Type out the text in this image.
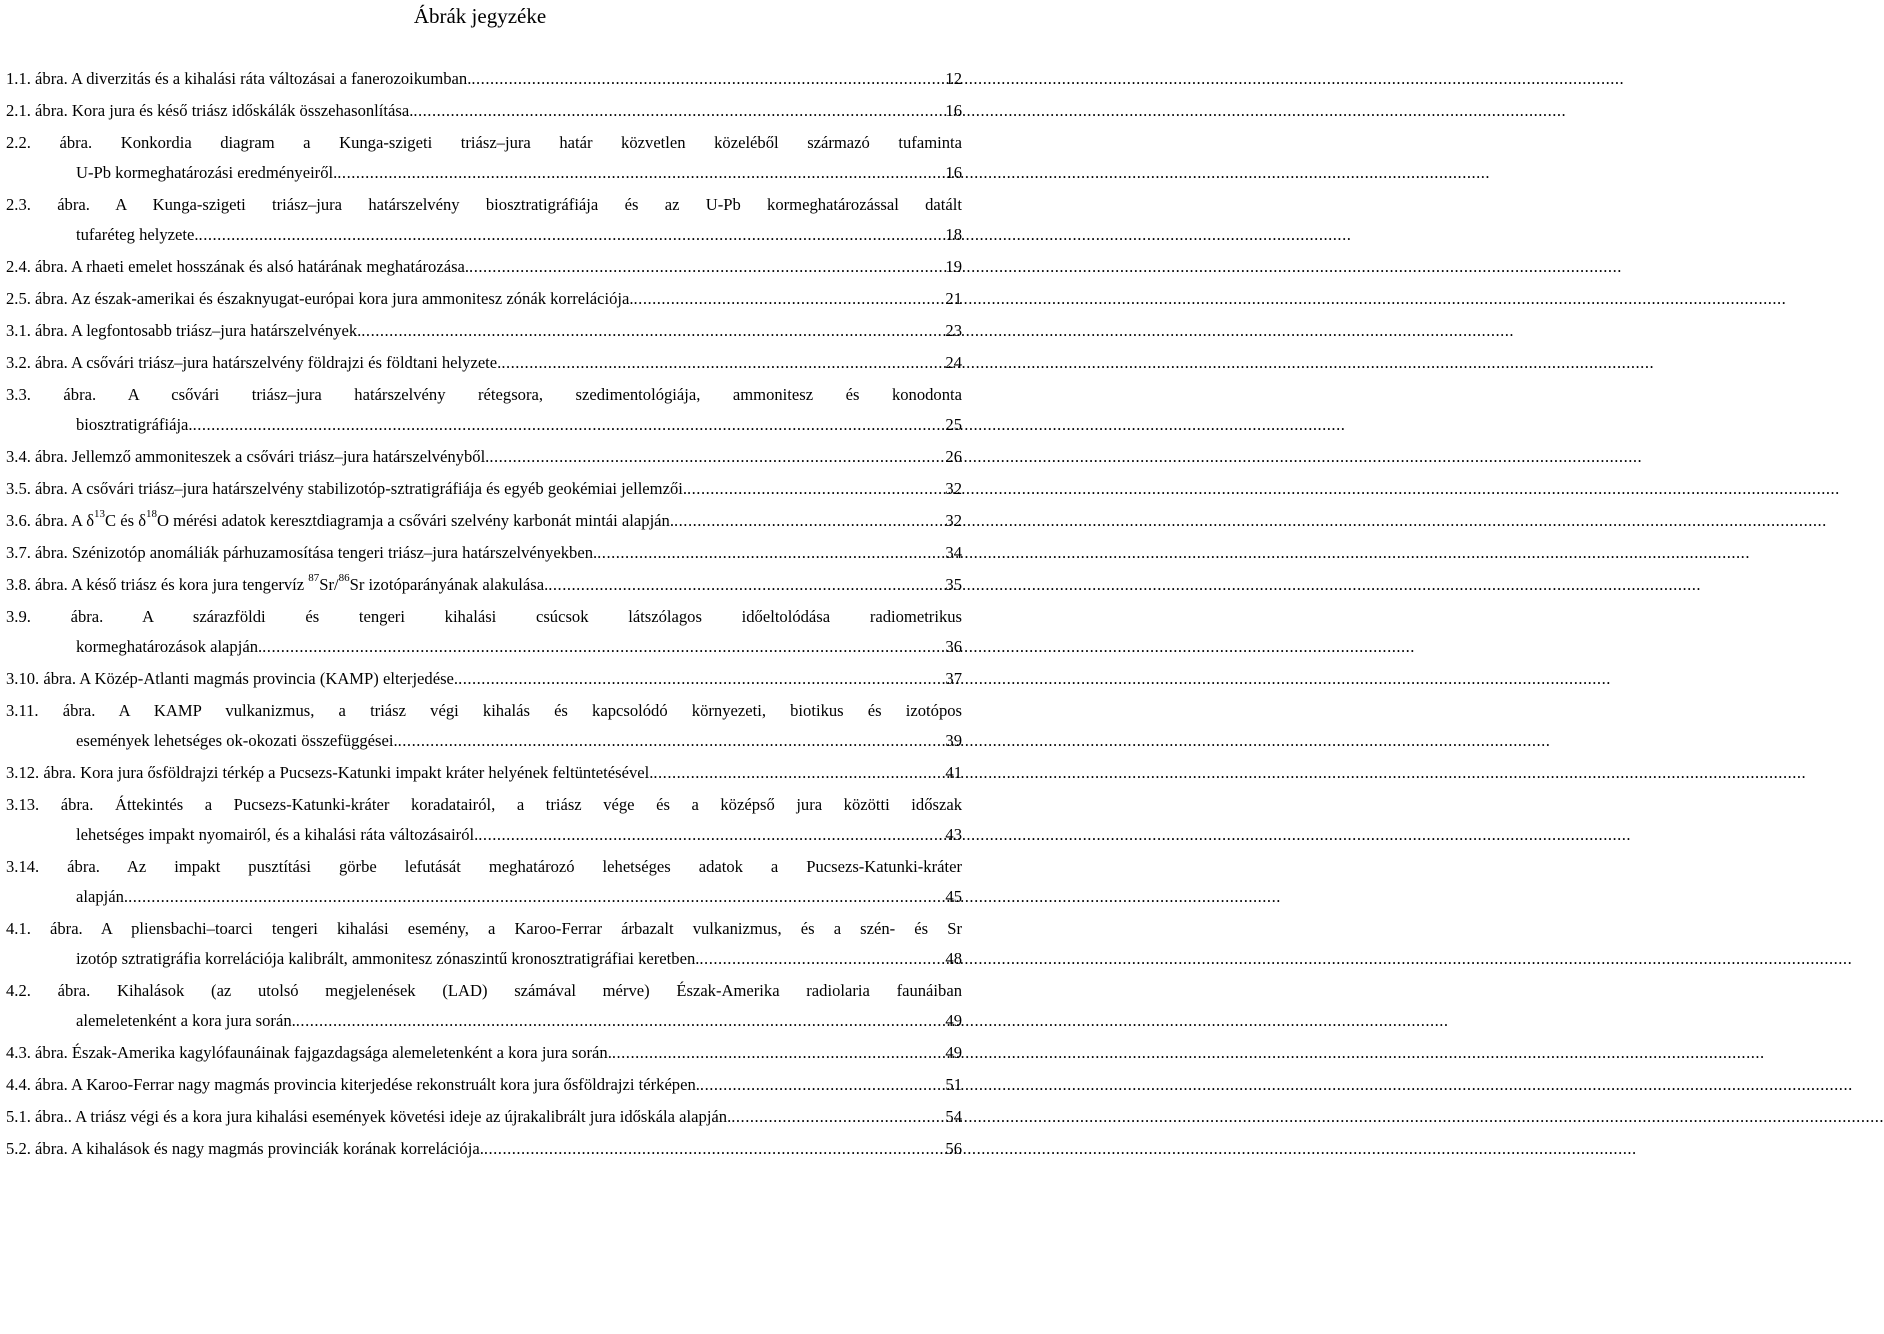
Ábrák jegyzéke
1.1. ábra. A diverzitás és a kihalási ráta változásai a fanerozoikumban. .....	12
2.1. ábra. Kora jura és késő triász időskálák összehasonlítása. .....	16
2.2. ábra. Konkordia diagram a Kunga-szigeti triász–jura határ közvetlen közeléből származó tufaminta
U-Pb kormeghatározási eredményeiről. .....	16
2.3. ábra. A Kunga-szigeti triász–jura határszelvény biosztratigráfiája és az U-Pb kormeghatározással datált
tufaréteg helyzete. .....	18
2.4. ábra. A rhaeti emelet hosszának és alsó határának meghatározása. .....	19
2.5. ábra. Az észak-amerikai és északnyugat-európai kora jura ammonitesz zónák korrelációja. .....	21
3.1. ábra. A legfontosabb triász–jura határszelvények. .....	23
3.2. ábra. A csővári triász–jura határszelvény földrajzi és földtani helyzete. .....	24
3.3. ábra. A csővári triász–jura határszelvény rétegsora, szedimentológiája, ammonitesz és konodonta
biosztratigráfiája. .....	25
3.4. ábra. Jellemző ammoniteszek a csővári triász–jura határszelvényből. .....	26
3.5. ábra. A csővári triász–jura határszelvény stabilizotóp-sztratigráfiája és egyéb geokémiai jellemzői. .....	32
3.6. ábra. A $\delta^{13}C$ és $\delta^{18}O$ mérési adatok keresztdiagramja a csővári szelvény karbonát mintái alapján. .....	32
3.7. ábra. Szénizotóp anomáliák párhuzamosítása tengeri triász–jura határszelvényekben. .....	34
3.8. ábra. A késő triász és kora jura tengervíz $^{87}$Sr/$^{86}$Sr izotóparányának alakulása. .....	35
3.9. ábra. A szárazföldi és tengeri kihalási csúcsok látszólagos időeltolódása radiometrikus
kormeghatározások alapján. .....	36
3.10. ábra. A Közép-Atlanti magmás provincia (KAMP) elterjedése. .....	37
3.11. ábra. A KAMP vulkanizmus, a triász végi kihalás és kapcsolódó környezeti, biotikus és izotópos
események lehetséges ok-okozati összefüggései. .....	39
3.12. ábra. Kora jura ősföldrajzi térkép a Pucsezs-Katunki impakt kráter helyének feltüntetésével. .....	41
3.13. ábra. Áttekintés a Pucsezs-Katunki-kráter koradatairól, a triász vége és a középső jura közötti időszak
lehetséges impakt nyomairól, és a kihalási ráta változásairól. .....	43
3.14. ábra. Az impakt pusztítási görbe lefutását meghatározó lehetséges adatok a Pucsezs-Katunki-kráter
alapján. .....	45
4.1. ábra. A pliensbachi–toarci tengeri kihalási esemény, a Karoo-Ferrar árbazalt vulkanizmus, és a szén- és Sr
izotóp sztratigráfia korrelációja kalibrált, ammonitesz zónaszintű kronosztratigráfiai keretben. .....	48
4.2. ábra. Kihalások (az utolsó megjelenések (LAD) számával mérve) Észak-Amerika radiolaria faunáiban
alemeletenként a kora jura során. .....	49
4.3. ábra. Észak-Amerika kagylófaunáinak fajgazdagsága alemeletenként a kora jura során. .....	49
4.4. ábra. A Karoo-Ferrar nagy magmás provincia kiterjedése rekonstruált kora jura ősföldrajzi térképen. .....	51
5.1. ábra.. A triász végi és a kora jura kihalási események követési ideje az újrakalibrált jura időskála alapján. .....	54
5.2. ábra. A kihalások és nagy magmás provinciák korának korrelációja. .....	56
